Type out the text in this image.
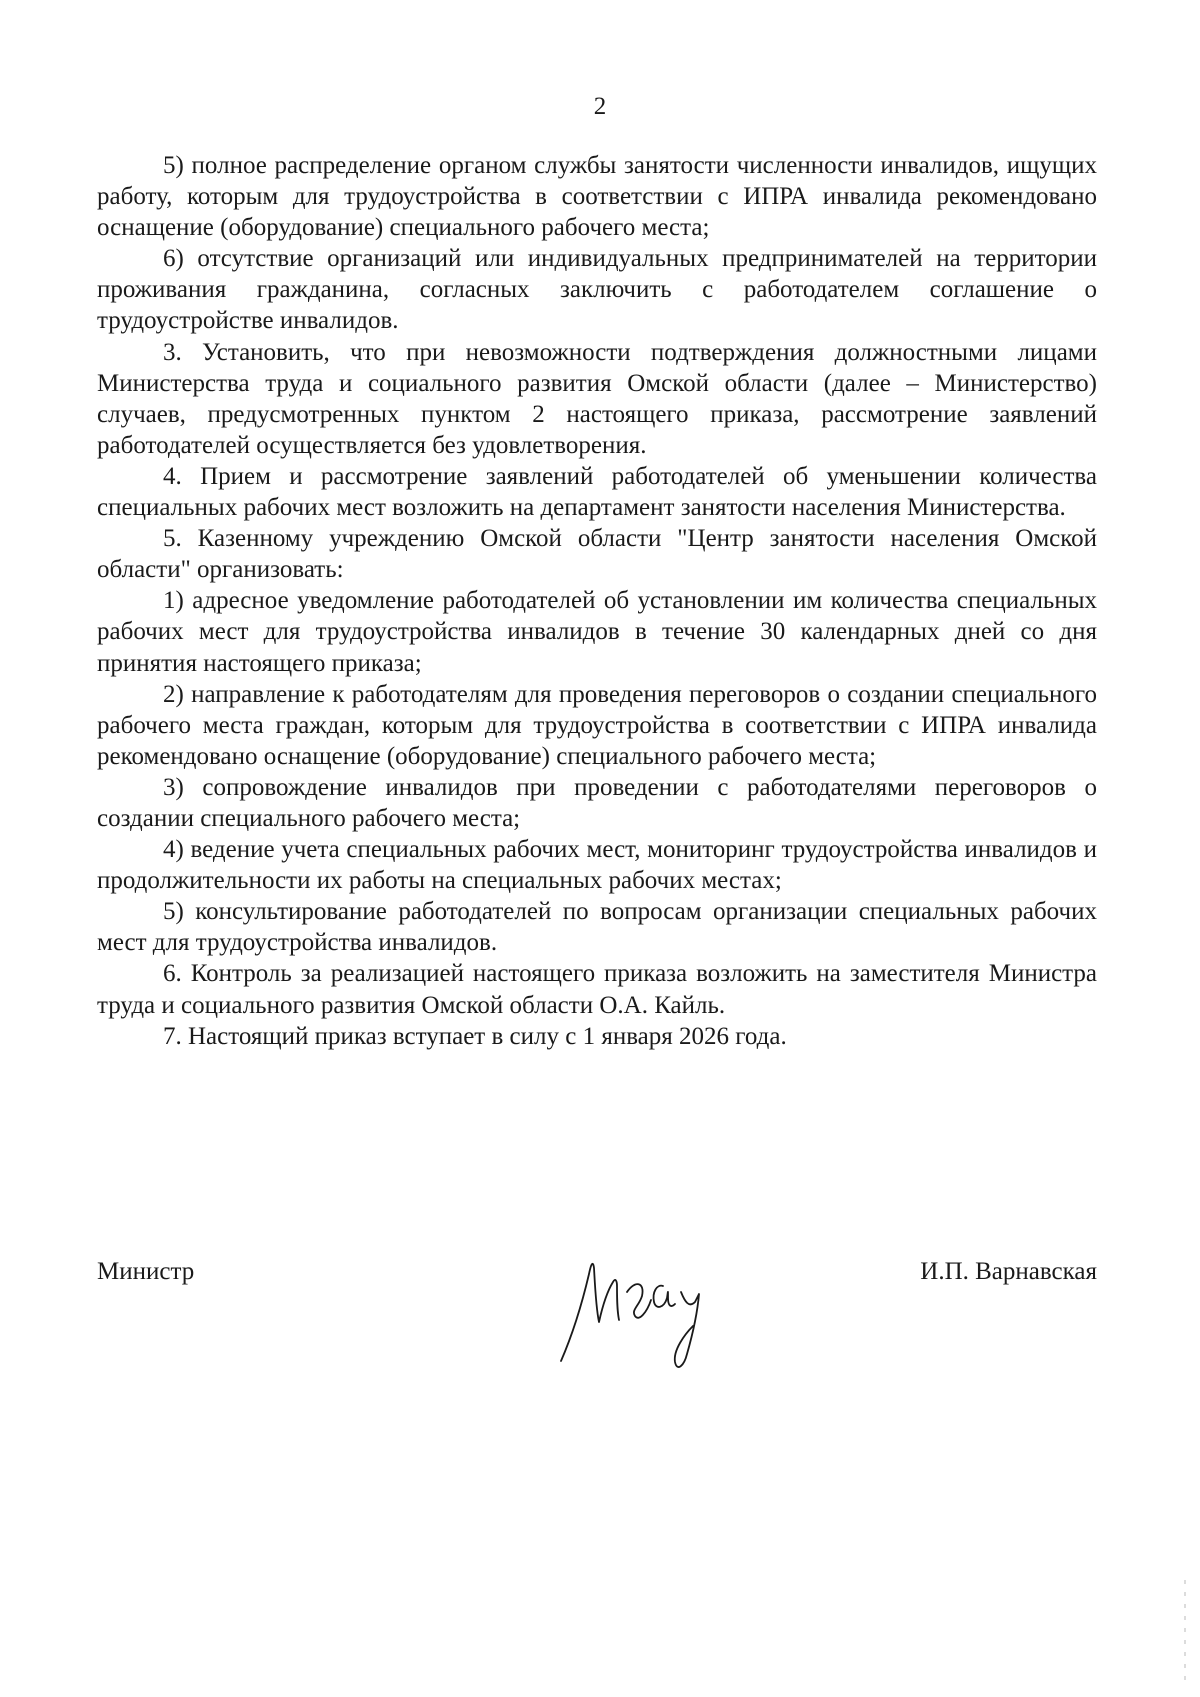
2

5) полное распределение органом службы занятости численности инвалидов, ищущих работу, которым для трудоустройства в соответствии с ИПРА инвалида рекомендовано оснащение (оборудование) специального рабочего места;

6) отсутствие организаций или индивидуальных предпринимателей на территории проживания гражданина, согласных заключить с работодателем соглашение о трудоустройстве инвалидов.

3. Установить, что при невозможности подтверждения должностными лицами Министерства труда и социального развития Омской области (далее – Министерство) случаев, предусмотренных пунктом 2 настоящего приказа, рассмотрение заявлений работодателей осуществляется без удовлетворения.

4. Прием и рассмотрение заявлений работодателей об уменьшении количества специальных рабочих мест возложить на департамент занятости населения Министерства.

5. Казенному учреждению Омской области "Центр занятости населения Омской области" организовать:

1) адресное уведомление работодателей об установлении им количества специальных рабочих мест для трудоустройства инвалидов в течение 30 календарных дней со дня принятия настоящего приказа;

2) направление к работодателям для проведения переговоров о создании специального рабочего места граждан, которым для трудоустройства в соответствии с ИПРА инвалида рекомендовано оснащение (оборудование) специального рабочего места;

3) сопровождение инвалидов при проведении с работодателями переговоров о создании специального рабочего места;

4) ведение учета специальных рабочих мест, мониторинг трудоустройства инвалидов и продолжительности их работы на специальных рабочих местах;

5) консультирование работодателей по вопросам организации специальных рабочих мест для трудоустройства инвалидов.

6. Контроль за реализацией настоящего приказа возложить на заместителя Министра труда и социального развития Омской области О.А. Кайль.

7. Настоящий приказ вступает в силу с 1 января 2026 года.

Министр	И.П. Варнавская
